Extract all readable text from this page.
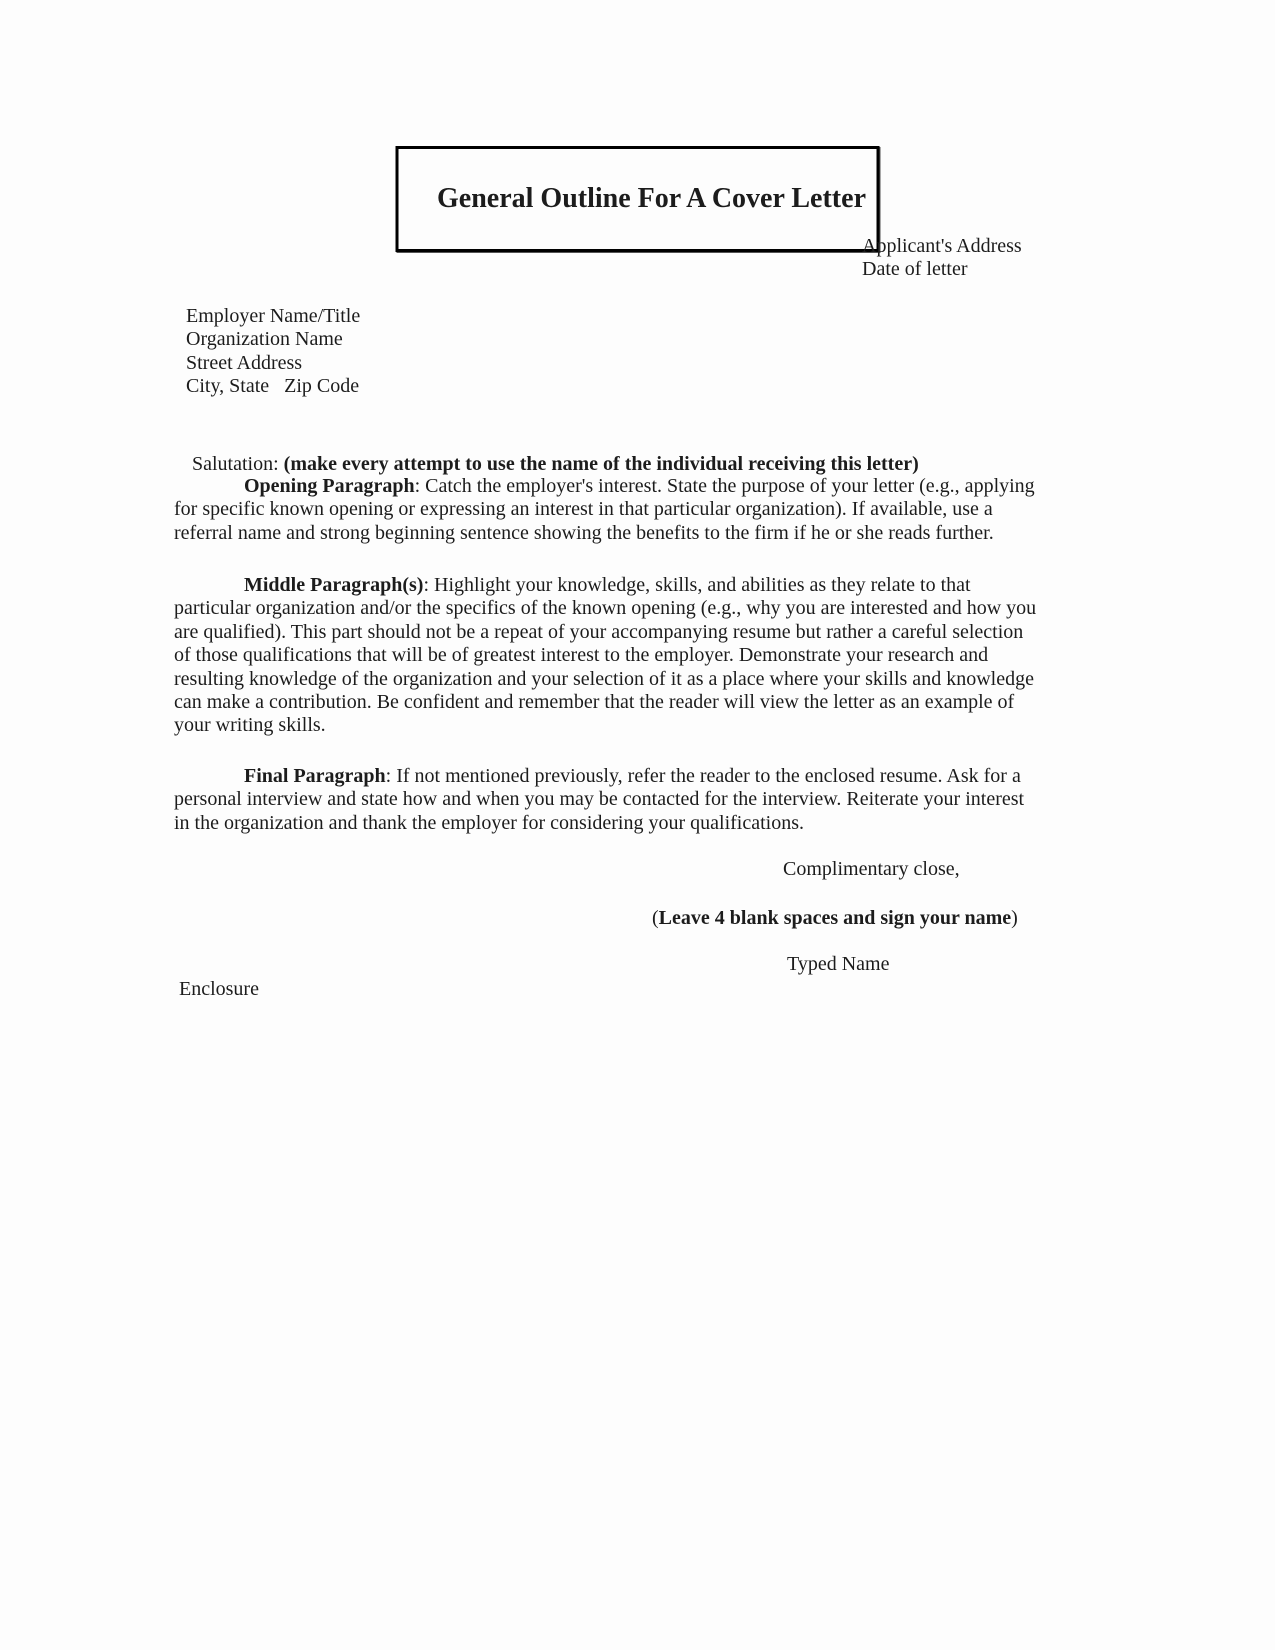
General Outline For A Cover Letter

Applicant's Address
Date of letter
Employer Name/Title
Organization Name
Street Address
City, State   Zip Code

Salutation: (make every attempt to use the name of the individual receiving this letter)

Opening Paragraph: Catch the employer's interest. State the purpose of your letter (e.g., applying
for specific known opening or expressing an interest in that particular organization). If available, use a
referral name and strong beginning sentence showing the benefits to the firm if he or she reads further.
Middle Paragraph(s): Highlight your knowledge, skills, and abilities as they relate to that
particular organization and/or the specifics of the known opening (e.g., why you are interested and how you
are qualified). This part should not be a repeat of your accompanying resume but rather a careful selection
of those qualifications that will be of greatest interest to the employer. Demonstrate your research and
resulting knowledge of the organization and your selection of it as a place where your skills and knowledge
can make a contribution. Be confident and remember that the reader will view the letter as an example of
your writing skills.
Final Paragraph: If not mentioned previously, refer the reader to the enclosed resume. Ask for a
personal interview and state how and when you may be contacted for the interview. Reiterate your interest
in the organization and thank the employer for considering your qualifications.
Complimentary close,

(Leave 4 blank spaces and sign your name)

Typed Name
Enclosure
